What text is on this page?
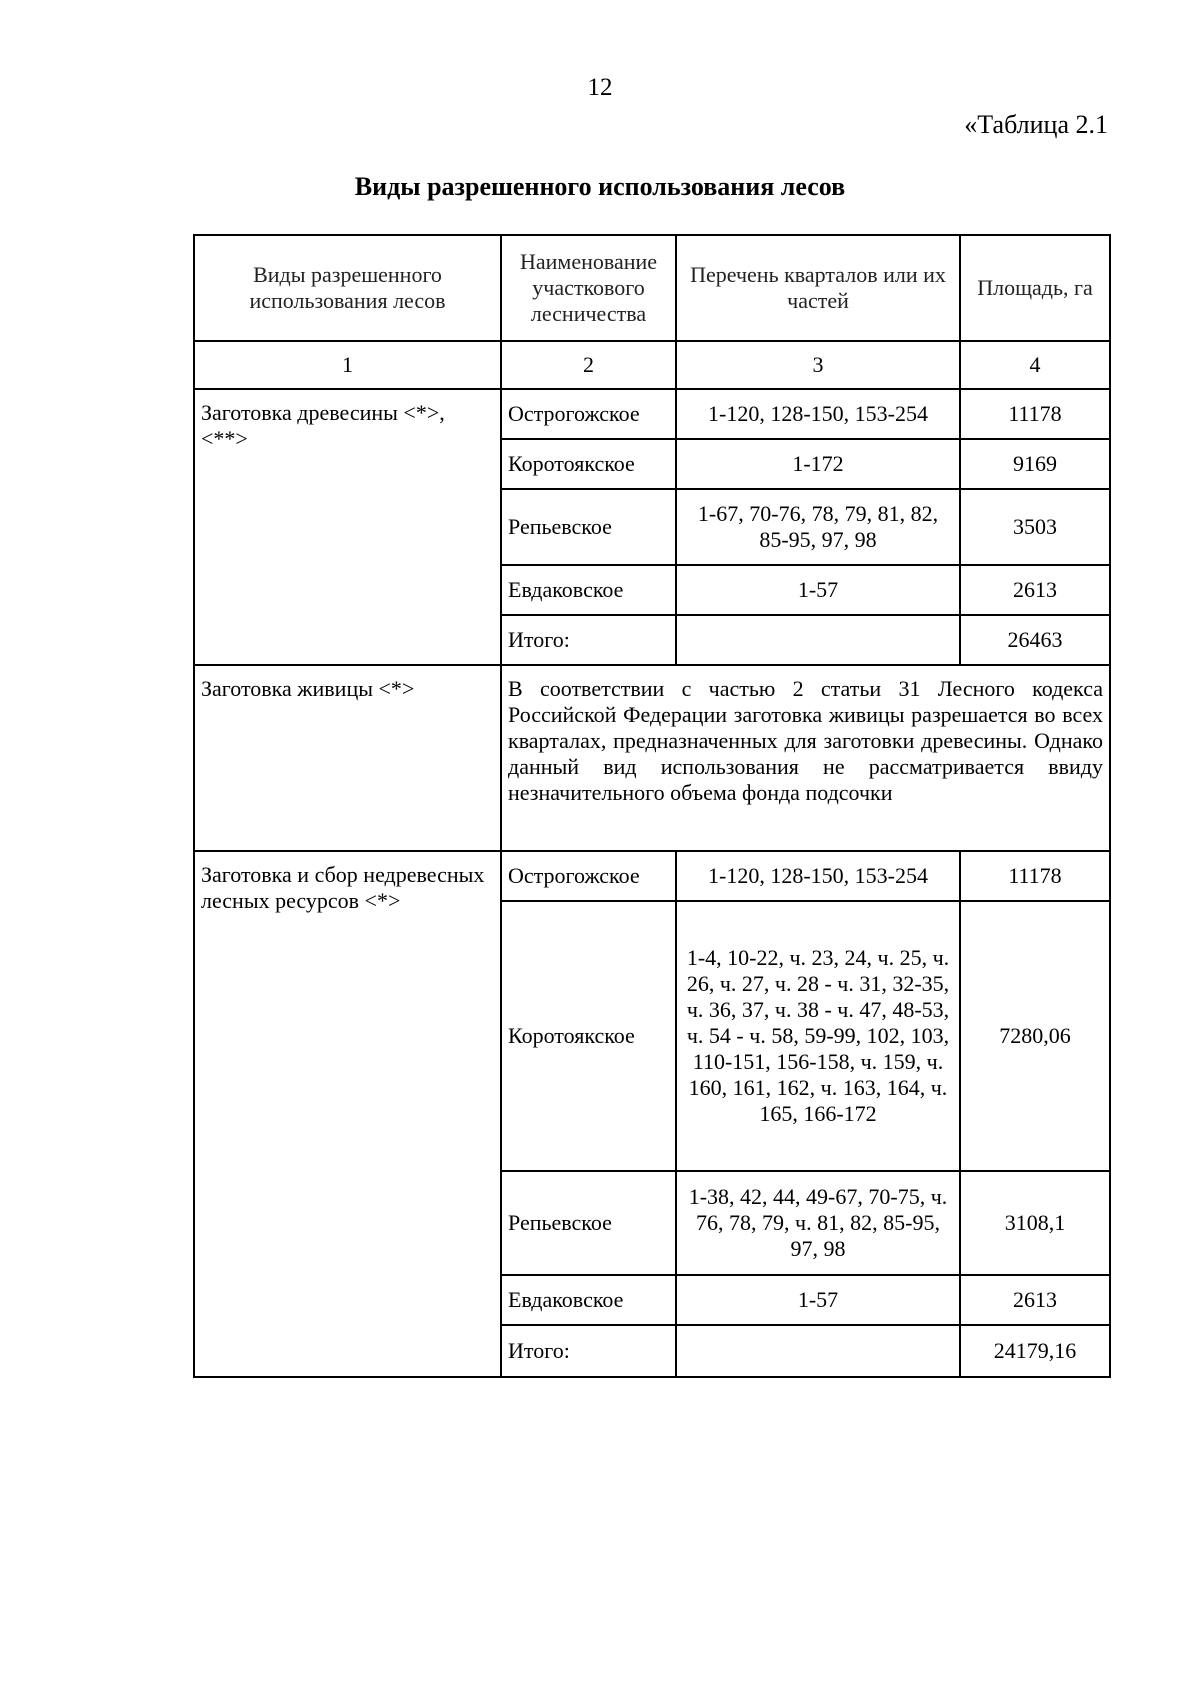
12
«Таблица 2.1
Виды разрешенного использования лесов
Виды разрешенного использования лесов	Наименование участкового лесничества	Перечень кварталов или их частей	Площадь, га
1	2	3	4
Заготовка древесины <*>, <**>	Острогожское	1-120, 128-150, 153-254	11178
	Коротоякское	1-172	9169
	Репьевское	1-67, 70-76, 78, 79, 81, 82, 85-95, 97, 98	3503
	Евдаковское	1-57	2613
	Итого:		26463
Заготовка живицы <*>	В соответствии с частью 2 статьи 31 Лесного кодекса Российской Федерации заготовка живицы разрешается во всех кварталах, предназначенных для заготовки древесины. Однако данный вид использования не рассматривается ввиду незначительного объема фонда подсочки		
Заготовка и сбор недревесных лесных ресурсов <*>	Острогожское	1-120, 128-150, 153-254	11178
	Коротоякское	1-4, 10-22, ч. 23, 24, ч. 25, ч. 26, ч. 27, ч. 28 - ч. 31, 32-35, ч. 36, 37, ч. 38 - ч. 47, 48-53, ч. 54 - ч. 58, 59-99, 102, 103, 110-151, 156-158, ч. 159, ч. 160, 161, 162, ч. 163, 164, ч. 165, 166-172	7280,06
	Репьевское	1-38, 42, 44, 49-67, 70-75, ч. 76, 78, 79, ч. 81, 82, 85-95, 97, 98	3108,1
	Евдаковское	1-57	2613
	Итого:		24179,16
